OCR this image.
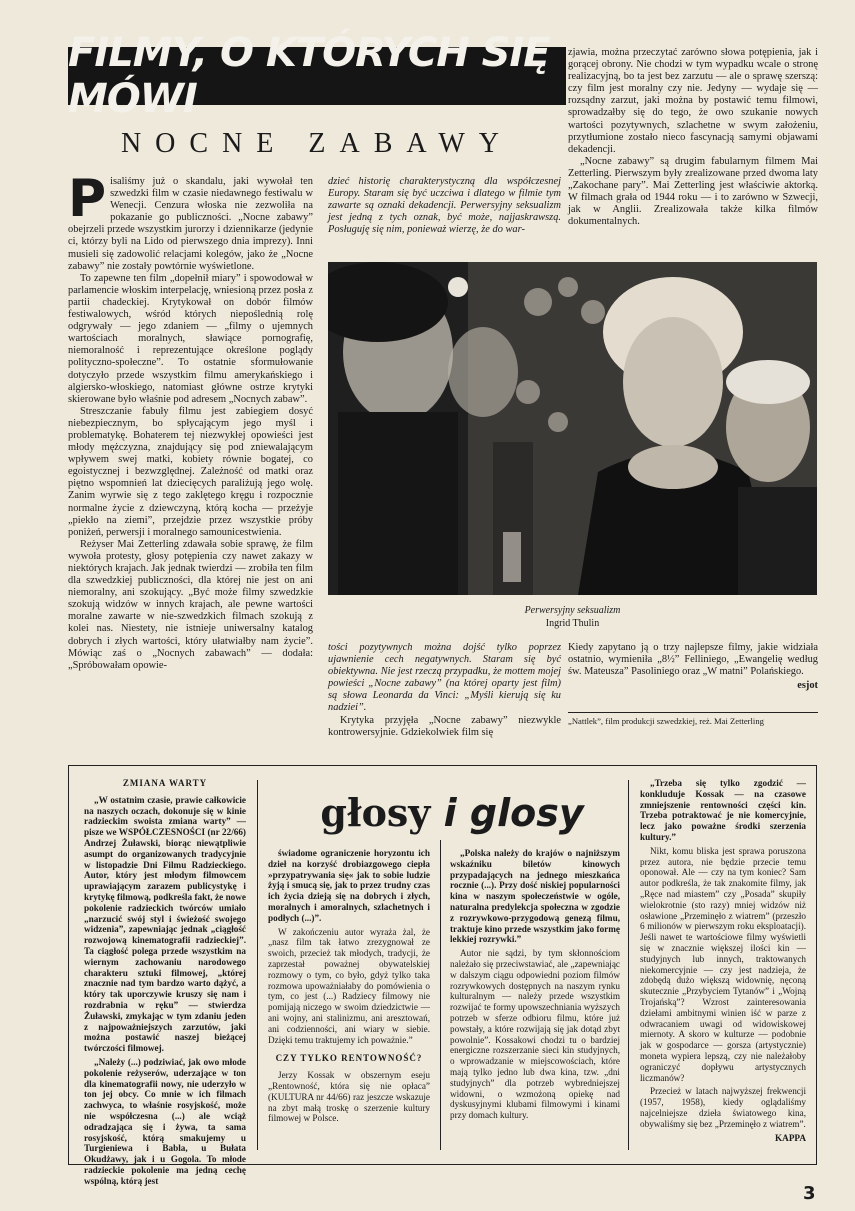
FILMY, O KTÓRYCH SIĘ MÓWI
NOCNE ZABAWY

Pisaliśmy już o skandalu, jaki wywołał ten szwedzki film w czasie niedawnego festiwalu w Wenecji. Cenzura włoska nie zezwoliła na pokazanie go publiczności. „Nocne zabawy” obejrzeli przede wszystkim jurorzy i dziennikarze (jedynie ci, którzy byli na Lido od pierwszego dnia imprezy). Inni musieli się zadowolić relacjami kolegów, jako że „Nocne zabawy” nie zostały powtórnie wyświetlone.

To zapewne ten film „dopełnił miary” i spowodował w parlamencie włoskim interpelację, wniesioną przez posła z partii chadeckiej. Krytykował on dobór filmów festiwalowych, wśród których niepoślednią rolę odgrywały — jego zdaniem — „filmy o ujemnych wartościach moralnych, sławiące pornografię, niemoralność i reprezentujące określone poglądy polityczno-społeczne”. To ostatnie sformułowanie dotyczyło przede wszystkim filmu amerykańskiego i algiersko-włoskiego, natomiast główne ostrze krytyki skierowane było właśnie pod adresem „Nocnych zabaw”.

Streszczanie fabuły filmu jest zabiegiem dosyć niebezpiecznym, bo spłycającym jego myśl i problematykę. Bohaterem tej niezwykłej opowieści jest młody mężczyzna, znajdujący się pod zniewalającym wpływem swej matki, kobiety równie bogatej, co egoistycznej i bezwzględnej. Zależność od matki oraz piętno wspomnień lat dziecięcych paraliżują jego wolę. Zanim wyrwie się z tego zaklętego kręgu i rozpocznie normalne życie z dziewczyną, którą kocha — przeżyje „piekło na ziemi”, przejdzie przez wszystkie próby poniżeń, perwersji i moralnego samounicestwienia.

Reżyser Mai Zetterling zdawała sobie sprawę, że film wywoła protesty, głosy potępienia czy nawet zakazy w niektórych krajach. Jak jednak twierdzi — zrobiła ten film dla szwedzkiej publiczności, dla której nie jest on ani niemoralny, ani szokujący. „Być może filmy szwedzkie szokują widzów w innych krajach, ale pewne wartości moralne zawarte w nie-szwedzkich filmach szokują z kolei nas. Niestety, nie istnieje uniwersalny katalog dobrych i złych wartości, który ułatwiałby nam życie”. Mówiąc zaś o „Nocnych zabawach” — dodała: „Spróbowałam opowie-

dzieć historię charakterystyczną dla współczesnej Europy. Staram się być uczciwa i dlatego w filmie tym zawarte są oznaki dekadencji. Perwersyjny seksualizm jest jedną z tych oznak, być może, najjaskrawszą. Posługuję się nim, ponieważ wierzę, że do war-

zjawia, można przeczytać zarówno słowa potępienia, jak i gorącej obrony. Nie chodzi w tym wypadku wcale o stronę realizacyjną, bo ta jest bez zarzutu — ale o sprawę szerszą: czy film jest moralny czy nie. Jedyny — wydaje się — rozsądny zarzut, jaki można by postawić temu filmowi, sprowadzałby się do tego, że owo szukanie nowych wartości pozytywnych, szlachetne w swym założeniu, przytłumione zostało nieco fascynacją samymi objawami dekadencji.

„Nocne zabawy” są drugim fabularnym filmem Mai Zetterling. Pierwszym były zrealizowane przed dwoma laty „Zakochane pary”. Mai Zetterling jest właściwie aktorką. W filmach grała od 1944 roku — i to zarówno w Szwecji, jak w Anglii. Zrealizowała także kilka filmów dokumentalnych.

Perwersyjny seksualizm
Ingrid Thulin

tości pozytywnych można dojść tylko poprzez ujawnienie cech negatywnych. Staram się być obiektywna. Nie jest rzeczą przypadku, że mottem mojej powieści „Nocne zabawy” (na której oparty jest film) są słowa Leonarda da Vinci: „Myśli kierują się ku nadziei”.

Krytyka przyjęła „Nocne zabawy” niezwykle kontrowersyjnie. Gdziekolwiek film się

Kiedy zapytano ją o trzy najlepsze filmy, jakie widziała ostatnio, wymieniła „8½” Felliniego, „Ewangelię według św. Mateusza” Pasoliniego oraz „W matni” Polańskiego.

esjot

„Nattlek”, film produkcji szwedzkiej, reż. Mai Zetterling
głosy i glosy
ZMIANA WARTY

„W ostatnim czasie, prawie całkowicie na naszych oczach, dokonuje się w kinie radzieckim swoista zmiana warty” — pisze we WSPÓŁCZESNOŚCI (nr 22/66) Andrzej Żuławski, biorąc niewątpliwie asumpt do organizowanych tradycyjnie w listopadzie Dni Filmu Radzieckiego. Autor, który jest młodym filmowcem uprawiającym zarazem publicystykę i krytykę filmową, podkreśla fakt, że nowe pokolenie radzieckich twórców umiało „narzucić swój styl i świeżość swojego widzenia”, zapewniając jednak „ciągłość rozwojową kinematografii radzieckiej”. Ta ciągłość polega przede wszystkim na wiernym zachowaniu narodowego charakteru sztuki filmowej, „której znacznie nad tym bardzo warto dążyć, a który tak uporczywie kruszy się nam i rozdrabnia w ręku” — stwierdza Żuławski, zmykając w tym zdaniu jeden z najpoważniejszych zarzutów, jaki można postawić naszej bieżącej twórczości filmowej.

„Należy (...) podziwiać, jak owo młode pokolenie reżyserów, uderzające w ton dla kinematografii nowy, nie uderzyło w ton jej obcy. Co mnie w ich filmach zachwyca, to właśnie rosyjskość, może nie współczesna (...) ale wciąż odradzająca się i żywa, ta sama rosyjskość, którą smakujemy u Turgieniewa i Babla, u Bułata Okudżawy, jak i u Gogola. To młode radzieckie pokolenie ma jedną cechę wspólną, którą jest

świadome ograniczenie horyzontu ich dzieł na korzyść drobiazgowego ciepła »przypatrywania się« jak to sobie ludzie żyją i smucą się, jak to przez trudny czas ich życia dzieją się na dobrych i złych, moralnych i amoralnych, szlachetnych i podłych (...)”.

W zakończeniu autor wyraża żal, że „nasz film tak łatwo zrezygnował ze swoich, przecież tak młodych, tradycji, że zaprzestał poważnej obywatelskiej rozmowy o tym, co było, gdyż tylko taka rozmowa upoważniałaby do pomówienia o tym, co jest (...) Radziecy filmowy nie pomijają niczego w swoim dziedzictwie — ani wojny, ani stalinizmu, ani aresztowań, ani codzienności, ani wiary w siebie. Dzięki temu traktujemy ich poważnie.”

CZY TYLKO RENTOWNOŚĆ?

Jerzy Kossak w obszernym eseju „Rentowność, która się nie opłaca” (KULTURA nr 44/66) raz jeszcze wskazuje na zbyt małą troskę o szerzenie kultury filmowej w Polsce.

„Polska należy do krajów o najniższym wskaźniku biletów kinowych przypadających na jednego mieszkańca rocznie (...). Przy dość niskiej popularności kina w naszym społeczeństwie w ogóle, naturalna predylekcja społeczna w zgodzie z rozrywkowo-przygodową genezą filmu, traktuje kino przede wszystkim jako formę lekkiej rozrywki.”

Autor nie sądzi, by tym skłonnościom należało się przeciwstawiać, ale „zapewniając w dalszym ciągu odpowiedni poziom filmów rozrywkowych dostępnych na naszym rynku kulturalnym — należy przede wszystkim rozwijać te formy upowszechniania wyższych potrzeb w sferze odbioru filmu, które już powstały, a które rozwijają się jak dotąd zbyt powolnie”. Kossakowi chodzi tu o bardziej energiczne rozszerzanie sieci kin studyjnych, o wprowadzanie w miejscowościach, które mają tylko jedno lub dwa kina, tzw. „dni studyjnych” dla potrzeb wybredniejszej widowni, o wzmożoną opiekę nad dyskusyjnymi klubami filmowymi i kinami przy domach kultury.

„Trzeba się tylko zgodzić — konkluduje Kossak — na czasowe zmniejszenie rentowności części kin. Trzeba potraktować je nie komercyjnie, lecz jako poważne środki szerzenia kultury.”

Nikt, komu bliska jest sprawa poruszona przez autora, nie będzie przecie temu oponował. Ale — czy na tym koniec? Sam autor podkreśla, że tak znakomite filmy, jak „Ręce nad miastem” czy „Posada” skupiły wielokrotnie (sto razy) mniej widzów niż osławione „Przeminęło z wiatrem” (przeszło 6 milionów w pierwszym roku eksploatacji). Jeśli nawet te wartościowe filmy wyświetli się w znacznie większej ilości kin — studyjnych lub innych, traktowanych niekomercyjnie — czy jest nadzieja, że zdobędą dużo większą widownię, nęconą skutecznie „Przybyciem Tytanów” i „Wojną Trojańską”? Wzrost zainteresowania dziełami ambitnymi winien iść w parze z odwracaniem uwagi od widowiskowej miernoty. A skoro w kulturze — podobnie jak w gospodarce — gorsza (artystycznie) moneta wypiera lepszą, czy nie należałoby ograniczyć dopływu artystycznych liczmanów?

Przecież w latach najwyższej frekwencji (1957, 1958), kiedy oglądaliśmy najcelniejsze dzieła światowego kina, obywaliśmy się bez „Przeminęło z wiatrem”.

KAPPA

3
